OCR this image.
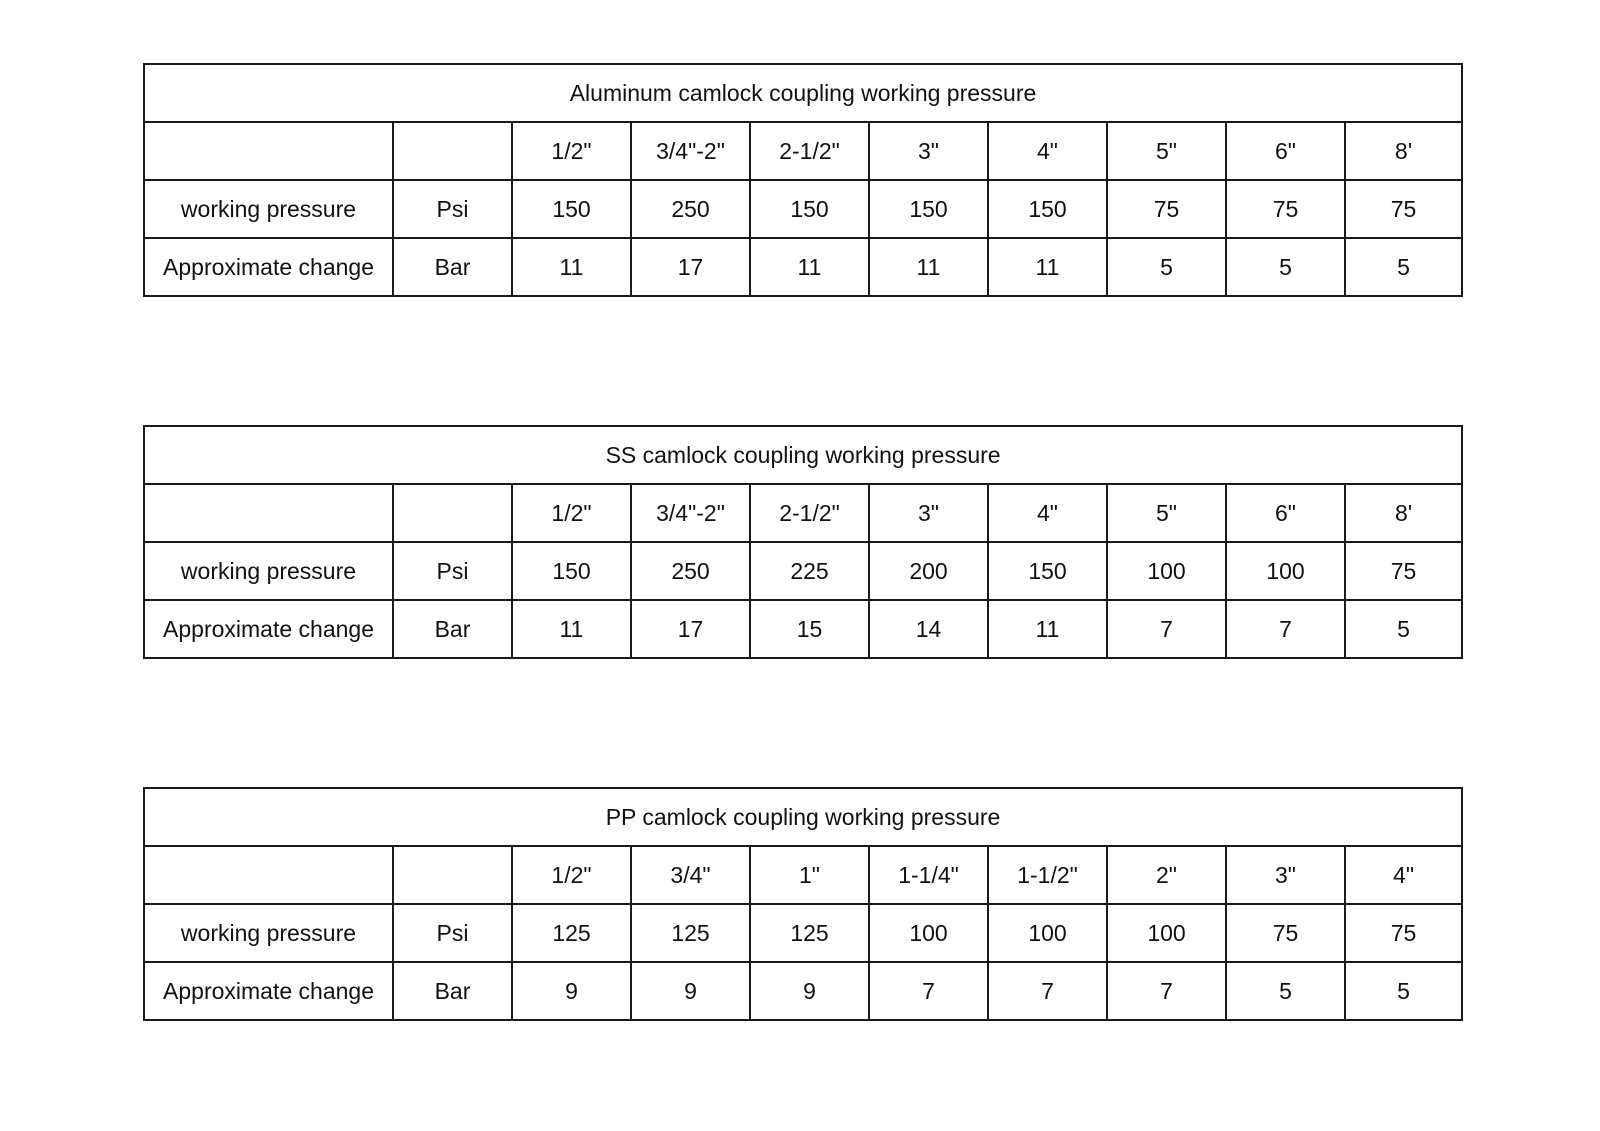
Aluminum camlock coupling working pressure									
		1/2"	3/4"-2"	2-1/2"	3"	4"	5"	6"	8'
working pressure	Psi	150	250	150	150	150	75	75	75
Approximate change	Bar	11	17	11	11	11	5	5	5
SS camlock coupling working pressure									
		1/2"	3/4"-2"	2-1/2"	3"	4"	5"	6"	8'
working pressure	Psi	150	250	225	200	150	100	100	75
Approximate change	Bar	11	17	15	14	11	7	7	5
PP camlock coupling working pressure									
		1/2"	3/4"	1"	1-1/4"	1-1/2"	2"	3"	4"
working pressure	Psi	125	125	125	100	100	100	75	75
Approximate change	Bar	9	9	9	7	7	7	5	5
